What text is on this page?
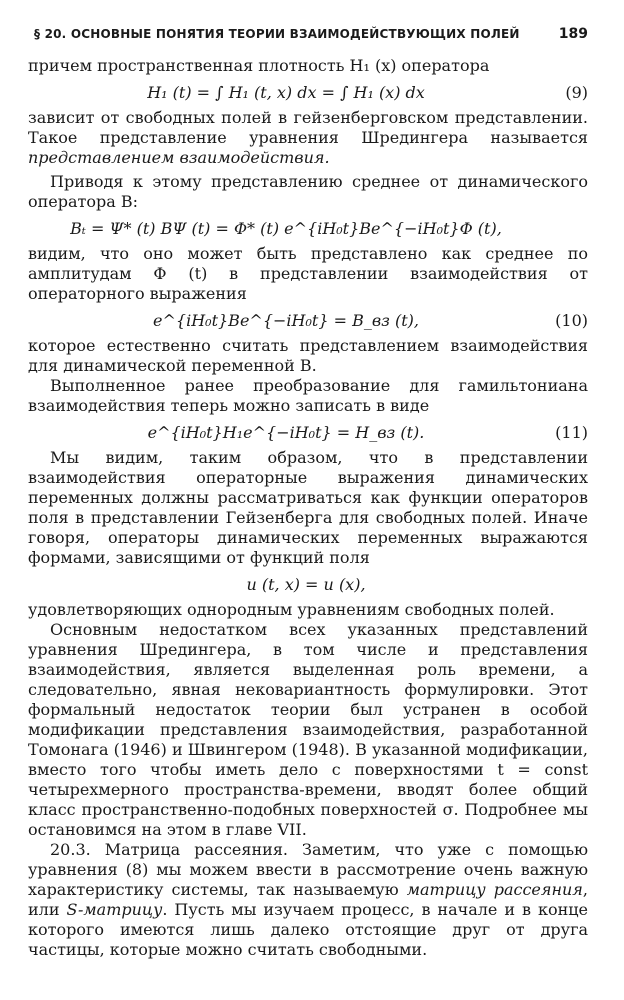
§ 20. ОСНОВНЫЕ ПОНЯТИЯ ТЕОРИИ ВЗАИМОДЕЙСТВУЮЩИХ ПОЛЕЙ	189

причем пространственная плотность H₁ (x) оператора

H₁ (t) = ∫ H₁ (t, x) dx = ∫ H₁ (x) dx	(9)

зависит от свободных полей в гейзенберговском представлении. Такое представление уравнения Шредингера называется представлением взаимодействия.

Приводя к этому представлению среднее от динамического оператора B:

Bₜ = Ψ* (t) BΨ (t) = Φ* (t) e^{iH₀t}Be^{−iH₀t}Φ (t),

видим, что оно может быть представлено как среднее по амплитудам Φ (t) в представлении взаимодействия от операторного выражения

e^{iH₀t}Be^{−iH₀t} = B_вз (t),	(10)

которое естественно считать представлением взаимодействия для динамической переменной B.

Выполненное ранее преобразование для гамильтониана взаимодействия теперь можно записать в виде

e^{iH₀t}H₁e^{−iH₀t} = H_вз (t).	(11)

Мы видим, таким образом, что в представлении взаимодействия операторные выражения динамических переменных должны рассматриваться как функции операторов поля в представлении Гейзенберга для свободных полей. Иначе говоря, операторы динамических переменных выражаются формами, зависящими от функций поля

u (t, x) = u (x),

удовлетворяющих однородным уравнениям свободных полей.

Основным недостатком всех указанных представлений уравнения Шредингера, в том числе и представления взаимодействия, является выделенная роль времени, а следовательно, явная нековариантность формулировки. Этот формальный недостаток теории был устранен в особой модификации представления взаимодействия, разработанной Томонага (1946) и Швингером (1948). В указанной модификации, вместо того чтобы иметь дело с поверхностями t = const четырехмерного пространства-времени, вводят более общий класс пространственно-подобных поверхностей σ. Подробнее мы остановимся на этом в главе VII.

20.3. Матрица рассеяния. Заметим, что уже с помощью уравнения (8) мы можем ввести в рассмотрение очень важную характеристику системы, так называемую матрицу рассеяния, или S-матрицу. Пусть мы изучаем процесс, в начале и в конце которого имеются лишь далеко отстоящие друг от друга частицы, которые можно считать свободными.
